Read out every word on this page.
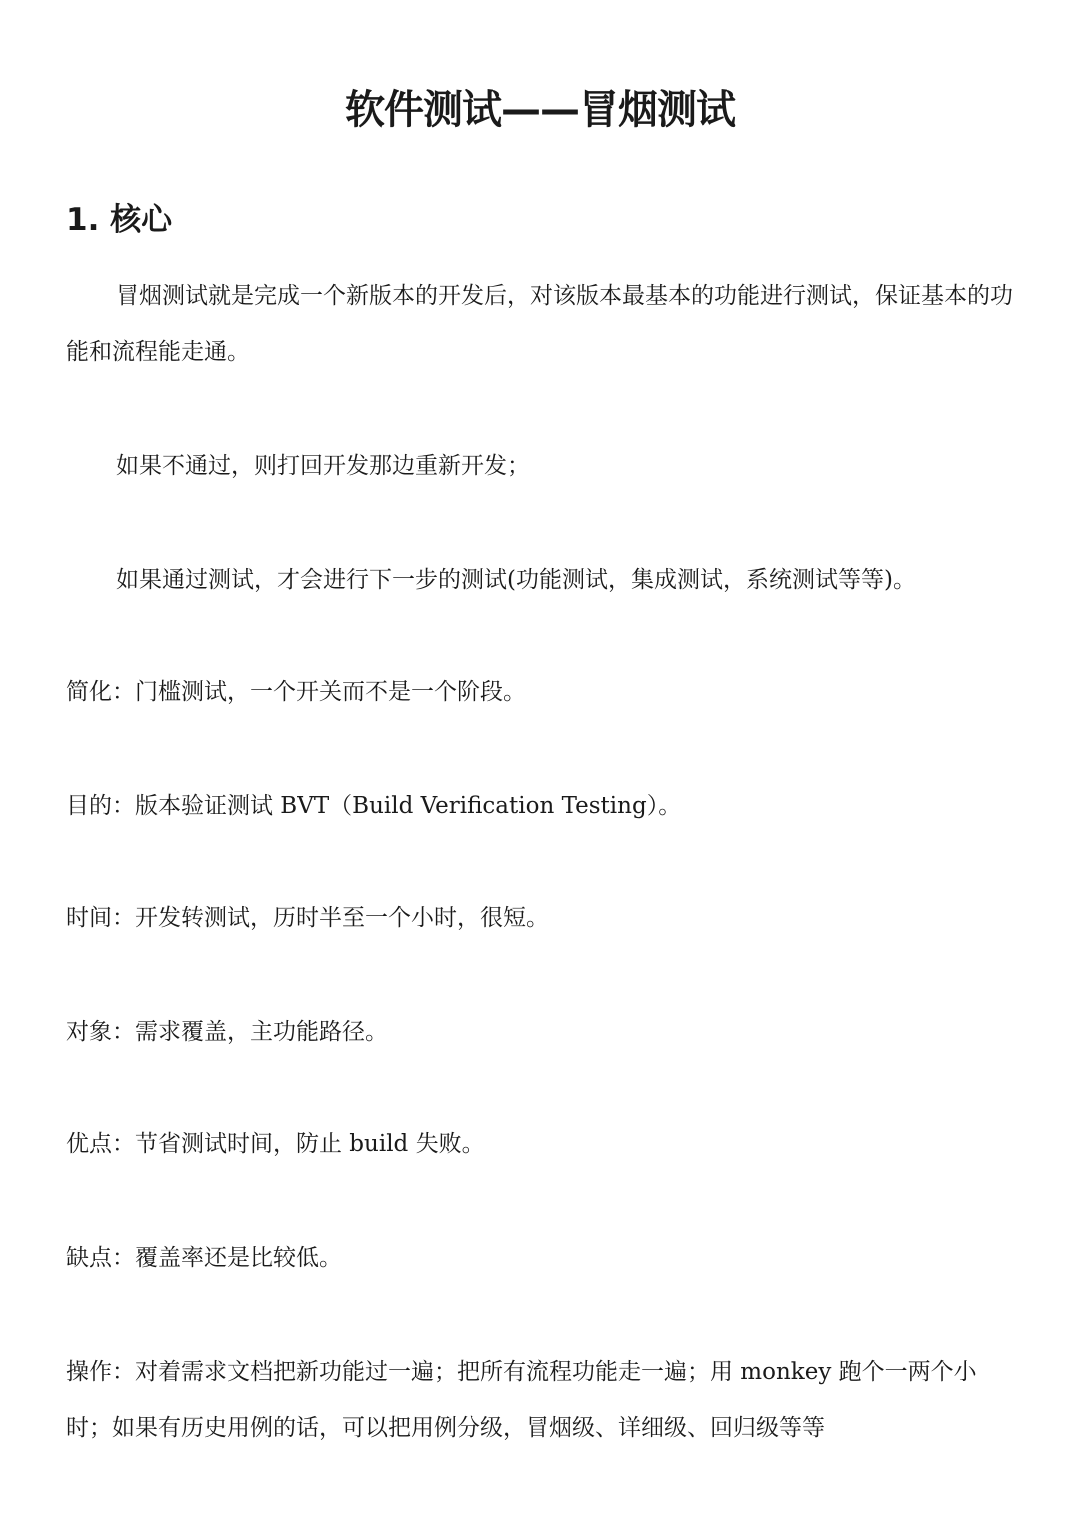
软件测试——冒烟测试
1. 核心

冒烟测试就是完成一个新版本的开发后，对该版本最基本的功能进行测试，保证基本的功能和流程能走通。

如果不通过，则打回开发那边重新开发；

如果通过测试，才会进行下一步的测试(功能测试，集成测试，系统测试等等)。

简化：门槛测试，一个开关而不是一个阶段。

目的：版本验证测试 BVT（Build Verification Testing）。

时间：开发转测试，历时半至一个小时，很短。

对象：需求覆盖，主功能路径。

优点：节省测试时间，防止 build 失败。

缺点：覆盖率还是比较低。

操作：对着需求文档把新功能过一遍；把所有流程功能走一遍；用 monkey 跑个一两个小时；如果有历史用例的话，可以把用例分级，冒烟级、详细级、回归级等等
